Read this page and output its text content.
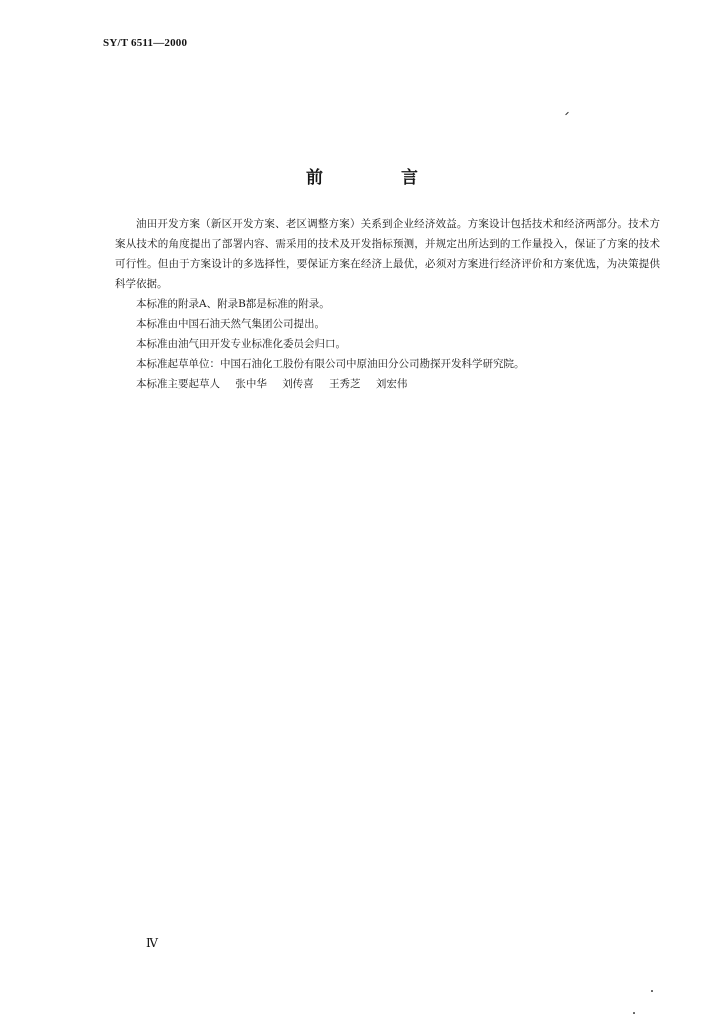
SY/T 6511—2000
前 言

油田开发方案（新区开发方案、老区调整方案）关系到企业经济效益。方案设计包括技术和经济两部分。技术方案从技术的角度提出了部署内容、需采用的技术及开发指标预测，并规定出所达到的工作量投入，保证了方案的技术可行性。但由于方案设计的多选择性，要保证方案在经济上最优，必须对方案进行经济评价和方案优选，为决策提供科学依据。

本标准的附录A、附录B都是标准的附录。

本标准由中国石油天然气集团公司提出。

本标准由油气田开发专业标准化委员会归口。

本标准起草单位：中国石油化工股份有限公司中原油田分公司勘探开发科学研究院。

本标准主要起草人 张中华 刘传喜 王秀芝 刘宏伟

Ⅳ
